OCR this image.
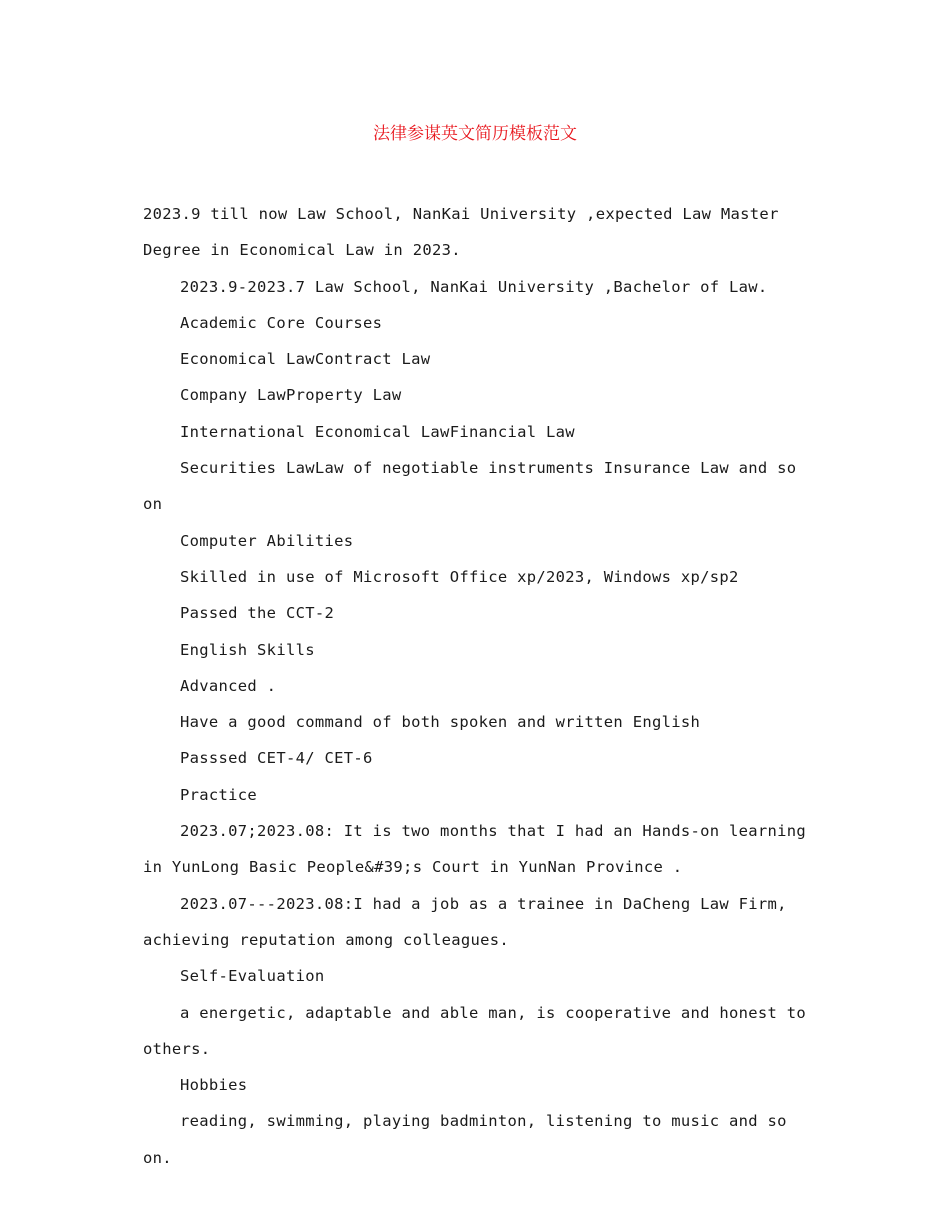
法律参谋英文简历模板范文

2023.9 till now Law School, NanKai University ,expected Law Master Degree in Economical Law in 2023.

2023.9-2023.7 Law School, NanKai University ,Bachelor of Law.

Academic Core Courses

Economical LawContract Law

Company LawProperty Law

International Economical LawFinancial Law

Securities LawLaw of negotiable instruments Insurance Law and so on

Computer Abilities

Skilled in use of Microsoft Office xp/2023, Windows xp/sp2

Passed the CCT-2

English Skills

Advanced .

Have a good command of both spoken and written English

Passsed CET-4/ CET-6

Practice

2023.07;2023.08: It is two months that I had an Hands-on learning in YunLong Basic People&#39;s Court in YunNan Province .

2023.07---2023.08:I had a job as a trainee in DaCheng Law Firm, achieving reputation among colleagues.

Self-Evaluation

a energetic, adaptable and able man, is cooperative and honest to others.

Hobbies

reading, swimming, playing badminton, listening to music and so on.
